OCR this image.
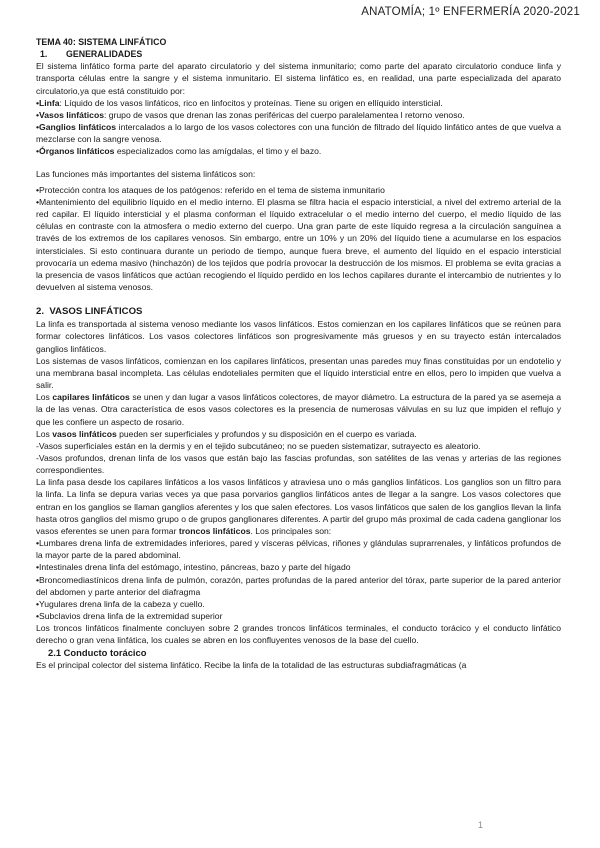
ANATOMÍA; 1º ENFERMERÍA 2020-2021

TEMA 40: SISTEMA LINFÁTICO

1. GENERALIDADES

El sistema linfático forma parte del aparato circulatorio y del sistema inmunitario; como parte del aparato circulatorio conduce linfa y transporta células entre la sangre y el sistema inmunitario. El sistema linfático es, en realidad, una parte especializada del aparato circulatorio,ya que está constituido por:

•Linfa: Líquido de los vasos linfáticos, rico en linfocitos y proteínas. Tiene su origen en ellíquido intersticial.

•Vasos linfáticos: grupo de vasos que drenan las zonas periféricas del cuerpo paralelamentea l retorno venoso.

•Ganglios linfáticos intercalados a lo largo de los vasos colectores con una función de filtrado del líquido linfático antes de que vuelva a mezclarse con la sangre venosa.

•Órganos linfáticos especializados como las amígdalas, el timo y el bazo.

Las funciones más importantes del sistema linfáticos son:

•Protección contra los ataques de los patógenos: referido en el tema de sistema inmunitario

•Mantenimiento del equilibrio líquido en el medio interno. El plasma se filtra hacia el espacio intersticial, a nivel del extremo arterial de la red capilar. El líquido intersticial y el plasma conforman el líquido extracelular o el medio interno del cuerpo, el medio líquido de las células en contraste con la atmosfera o medio externo del cuerpo. Una gran parte de este líquido regresa a la circulación sanguínea a través de los extremos de los capilares venosos. Sin embargo, entre un 10% y un 20% del líquido tiene a acumularse en los espacios intersticiales. Si esto continuara durante un periodo de tiempo, aunque fuera breve, el aumento del líquido en el espacio intersticial provocaría un edema masivo (hinchazón) de los tejidos que podría provocar la destrucción de los mismos. El problema se evita gracias a la presencia de vasos linfáticos que actúan recogiendo el líquido perdido en los lechos capilares durante el intercambio de nutrientes y lo devuelven al sistema venosos.

2. VASOS LINFÁTICOS

La linfa es transportada al sistema venoso mediante los vasos linfáticos. Estos comienzan en los capilares linfáticos que se reúnen para formar colectores linfáticos. Los vasos colectores linfáticos son progresivamente más gruesos y en su trayecto están intercalados ganglios linfáticos.

Los sistemas de vasos linfáticos, comienzan en los capilares linfáticos, presentan unas paredes muy finas constituidas por un endotelio y una membrana basal incompleta. Las células endoteliales permiten que el líquido intersticial entre en ellos, pero lo impiden que vuelva a salir.

Los capilares linfáticos se unen y dan lugar a vasos linfáticos colectores, de mayor diámetro. La estructura de la pared ya se asemeja a la de las venas. Otra característica de esos vasos colectores es la presencia de numerosas válvulas en su luz que impiden el reflujo y que les confiere un aspecto de rosario.

Los vasos linfáticos pueden ser superficiales y profundos y su disposición en el cuerpo es variada.

-Vasos superficiales están en la dermis y en el tejido subcutáneo; no se pueden sistematizar, sutrayecto es aleatorio.

-Vasos profundos, drenan linfa de los vasos que están bajo las fascias profundas, son satélites de las venas y arterias de las regiones correspondientes.

La linfa pasa desde los capilares linfáticos a los vasos linfáticos y atraviesa uno o más ganglios linfáticos. Los ganglios son un filtro para la linfa. La linfa se depura varias veces ya que pasa porvarios ganglios linfáticos antes de llegar a la sangre. Los vasos colectores que entran en los ganglios se llaman ganglios aferentes y los que salen efectores. Los vasos linfáticos que salen de los ganglios llevan la linfa hasta otros ganglios del mismo grupo o de grupos ganglionares diferentes. A partir del grupo más proximal de cada cadena ganglionar los vasos eferentes se unen para formar troncos linfáticos. Los principales son:

•Lumbares drena linfa de extremidades inferiores, pared y vísceras pélvicas, riñones y glándulas suprarrenales, y linfáticos profundos de la mayor parte de la pared abdominal.

•Intestinales drena linfa del estómago, intestino, páncreas, bazo y parte del hígado

•Broncomediastínicos drena linfa de pulmón, corazón, partes profundas de la pared anterior del tórax, parte superior de la pared anterior del abdomen y parte anterior del diafragma

•Yugulares drena linfa de la cabeza y cuello.

•Subclavios drena linfa de la extremidad superior

Los troncos linfáticos finalmente concluyen sobre 2 grandes troncos linfáticos terminales, el conducto torácico y el conducto linfático derecho o gran vena linfática, los cuales se abren en los confluyentes venosos de la base del cuello.

2.1 Conducto torácico

Es el principal colector del sistema linfático. Recibe la linfa de la totalidad de las estructuras subdiafragmáticas (a

1
